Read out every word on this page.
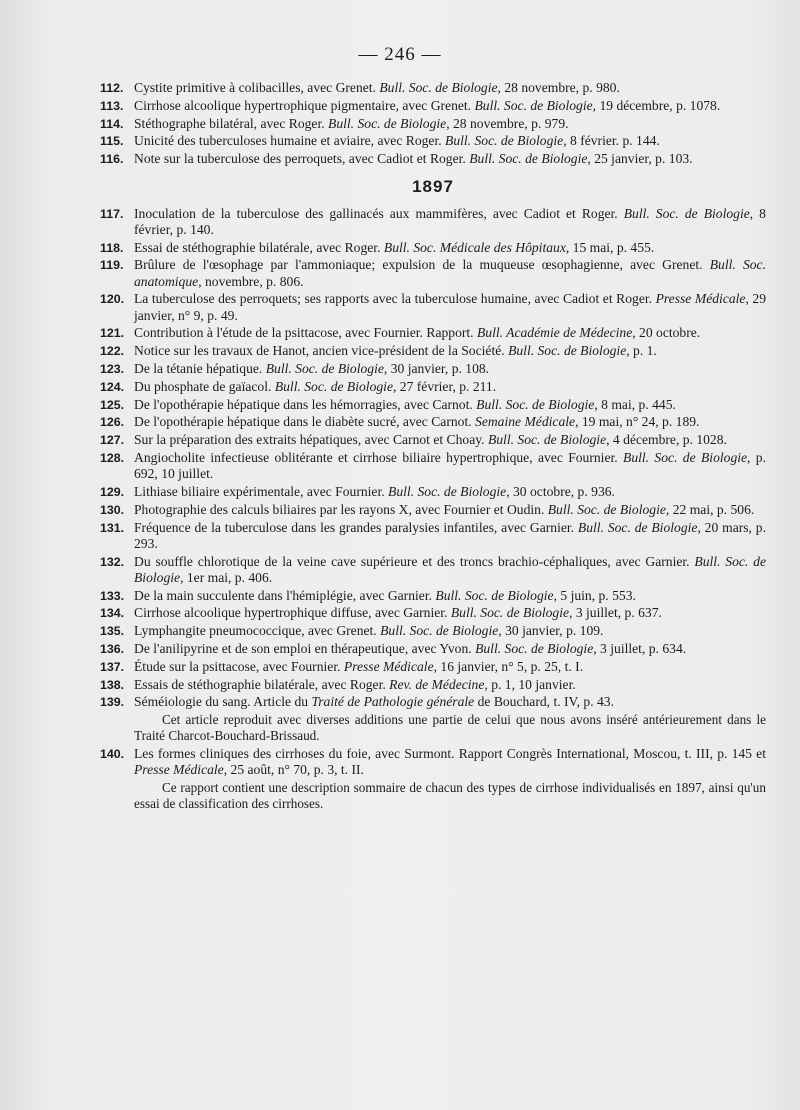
— 246 —
112. Cystite primitive à colibacilles, avec Grenet. Bull. Soc. de Biologie, 28 novembre, p. 980.
113. Cirrhose alcoolique hypertrophique pigmentaire, avec Grenet. Bull. Soc. de Biologie, 19 décembre, p. 1078.
114. Stéthographe bilatéral, avec Roger. Bull. Soc. de Biologie, 28 novembre, p. 979.
115. Unicité des tuberculoses humaine et aviaire, avec Roger. Bull. Soc. de Biologie, 8 février. p. 144.
116. Note sur la tuberculose des perroquets, avec Cadiot et Roger. Bull. Soc. de Biologie, 25 janvier, p. 103.
1897
117. Inoculation de la tuberculose des gallinacés aux mammifères, avec Cadiot et Roger. Bull. Soc. de Biologie, 8 février, p. 140.
118. Essai de stéthographie bilatérale, avec Roger. Bull. Soc. Médicale des Hôpitaux, 15 mai, p. 455.
119. Brûlure de l'œsophage par l'ammoniaque; expulsion de la muqueuse œsophagienne, avec Grenet. Bull. Soc. anatomique, novembre, p. 806.
120. La tuberculose des perroquets; ses rapports avec la tuberculose humaine, avec Cadiot et Roger. Presse Médicale, 29 janvier, n° 9, p. 49.
121. Contribution à l'étude de la psittacose, avec Fournier. Rapport. Bull. Académie de Médecine, 20 octobre.
122. Notice sur les travaux de Hanot, ancien vice-président de la Société. Bull. Soc. de Biologie, p. 1.
123. De la tétanie hépatique. Bull. Soc. de Biologie, 30 janvier, p. 108.
124. Du phosphate de gaïacol. Bull. Soc. de Biologie, 27 février, p. 211.
125. De l'opothérapie hépatique dans les hémorragies, avec Carnot. Bull. Soc. de Biologie, 8 mai, p. 445.
126. De l'opothérapie hépatique dans le diabète sucré, avec Carnot. Semaine Médicale, 19 mai, n° 24, p. 189.
127. Sur la préparation des extraits hépatiques, avec Carnot et Choay. Bull. Soc. de Biologie, 4 décembre, p. 1028.
128. Angiocholite infectieuse oblitérante et cirrhose biliaire hypertrophique, avec Fournier. Bull. Soc. de Biologie, p. 692, 10 juillet.
129. Lithiase biliaire expérimentale, avec Fournier. Bull. Soc. de Biologie, 30 octobre, p. 936.
130. Photographie des calculs biliaires par les rayons X, avec Fournier et Oudin. Bull. Soc. de Biologie, 22 mai, p. 506.
131. Fréquence de la tuberculose dans les grandes paralysies infantiles, avec Garnier. Bull. Soc. de Biologie, 20 mars, p. 293.
132. Du souffle chlorotique de la veine cave supérieure et des troncs brachio-céphaliques, avec Garnier. Bull. Soc. de Biologie, 1er mai, p. 406.
133. De la main succulente dans l'hémiplégie, avec Garnier. Bull. Soc. de Biologie, 5 juin, p. 553.
134. Cirrhose alcoolique hypertrophique diffuse, avec Garnier. Bull. Soc. de Biologie, 3 juillet, p. 637.
135. Lymphangite pneumococcique, avec Grenet. Bull. Soc. de Biologie, 30 janvier, p. 109.
136. De l'anilipyrine et de son emploi en thérapeutique, avec Yvon. Bull. Soc. de Biologie, 3 juillet, p. 634.
137. Étude sur la psittacose, avec Fournier. Presse Médicale, 16 janvier, n° 5, p. 25, t. I.
138. Essais de stéthographie bilatérale, avec Roger. Rev. de Médecine, p. 1, 10 janvier.
139. Séméiologie du sang. Article du Traité de Pathologie générale de Bouchard, t. IV, p. 43.
Cet article reproduit avec diverses additions une partie de celui que nous avons inséré antérieurement dans le Traité Charcot-Bouchard-Brissaud.
140. Les formes cliniques des cirrhoses du foie, avec Surmont. Rapport Congrès International, Moscou, t. III, p. 145 et Presse Médicale, 25 août, n° 70, p. 3, t. II.
Ce rapport contient une description sommaire de chacun des types de cirrhose individualisés en 1897, ainsi qu'un essai de classification des cirrhoses.
